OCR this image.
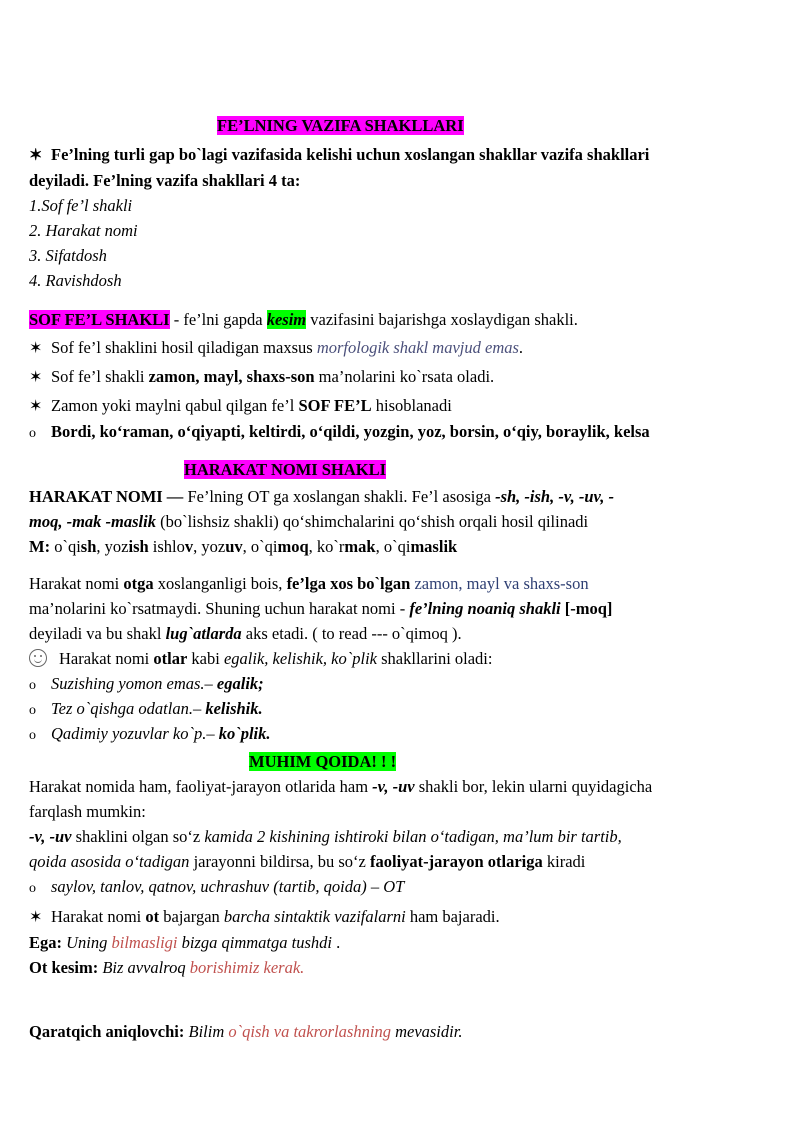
FE’LNING VAZIFA SHAKLLARI
✶ Fe’lning turli gap bo`lagi vazifasida kelishi uchun xoslangan shakllar vazifa shakllari
deyiladi. Fe’lning vazifa shakllari 4 ta:
1.Sof fe’l shakli
2. Harakat nomi
3. Sifatdosh
4. Ravishdosh
SOF FE’L SHAKLI - fe’lni gapda kesim vazifasini bajarishga xoslaydigan shakli.
✶ Sof fe’l shaklini hosil qiladigan maxsus morfologik shakl mavjud emas.
✶ Sof fe’l shakli zamon, mayl, shaxs-son ma’nolarini ko`rsata oladi.
✶ Zamon yoki maylni qabul qilgan fe’l SOF FE’L hisoblanadi
o Bordi, ko‘raman, o‘qiyapti, keltirdi, o‘qildi, yozgin, yoz, borsin, o‘qiy, boraylik, kelsa
HARAKAT NOMI SHAKLI
HARAKAT NOMI — Fe’lning OT ga xoslangan shakli. Fe’l asosiga -sh, -ish, -v, -uv, -
moq, -mak -maslik (bo`lishsiz shakli) qo‘shimchalarini qo‘shish orqali hosil qilinadi
M: o`qish, yozish ishlov, yozuv, o`qimoq, ko`rmak, o`qimaslik
Harakat nomi otga xoslanganligi bois, fe’lga xos bo`lgan zamon, mayl va shaxs-son
ma’nolarini ko`rsatmaydi. Shuning uchun harakat nomi - fe’lning noaniq shakli [-moq]
deyiladi va bu shakl lug`atlarda aks etadi. ( to read --- o`qimoq ).
Harakat nomi otlar kabi egalik, kelishik, ko`plik shakllarini oladi:
o Suzishing yomon emas.– egalik;
o Tez o`qishga odatlan.– kelishik.
o Qadimiy yozuvlar ko`p.– ko`plik.
MUHIM QOIDA! ! !
Harakat nomida ham, faoliyat-jarayon otlarida ham -v, -uv shakli bor, lekin ularni quyidagicha
farqlash mumkin:
-v, -uv shaklini olgan so‘z kamida 2 kishining ishtiroki bilan o‘tadigan, ma’lum bir tartib,
qoida asosida o‘tadigan jarayonni bildirsa, bu so‘z faoliyat-jarayon otlariga kiradi
o saylov, tanlov, qatnov, uchrashuv (tartib, qoida) – OT
✶ Harakat nomi ot bajargan barcha sintaktik vazifalarni ham bajaradi.
Ega: Uning bilmasligi bizga qimmatga tushdi .
Ot kesim: Biz avvalroq borishimiz kerak.
Qaratqich aniqlovchi: Bilim o`qish va takrorlashning mevasidir.
